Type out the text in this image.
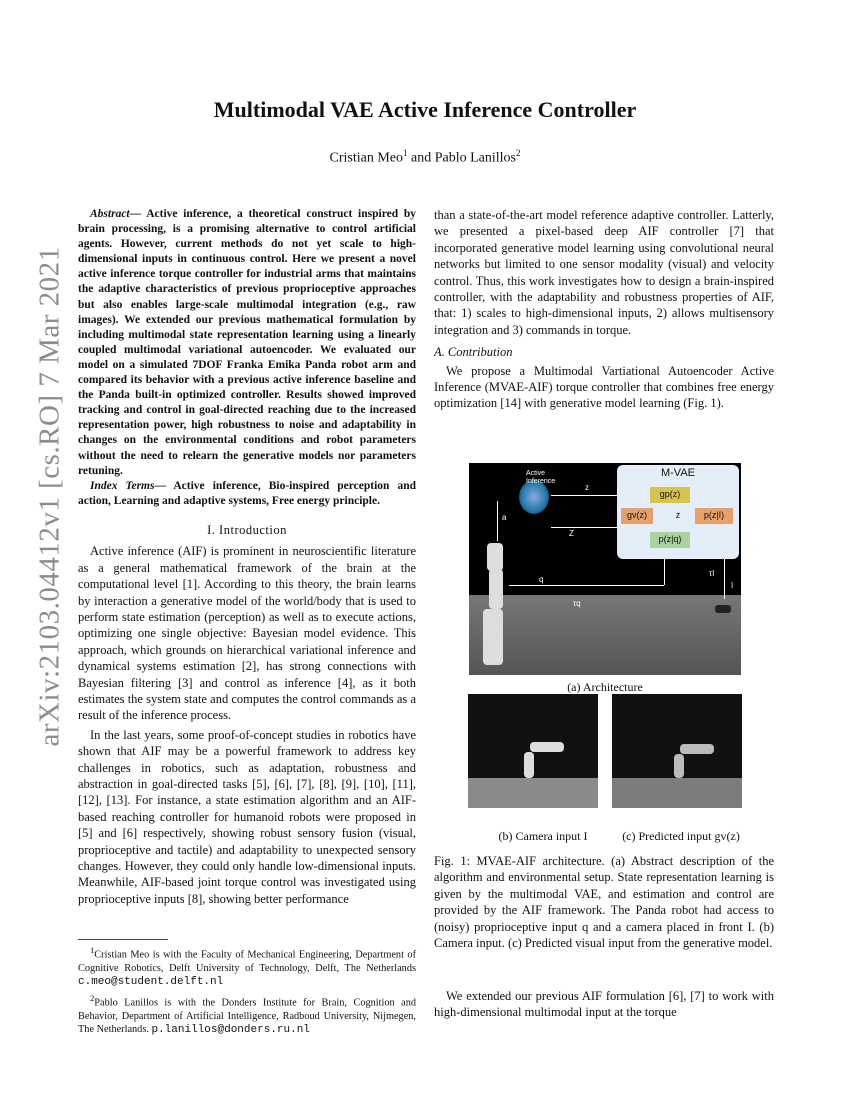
arXiv:2103.04412v1 [cs.RO] 7 Mar 2021
Multimodal VAE Active Inference Controller
Cristian Meo$^1$ and Pablo Lanillos$^2$

Abstract— Active inference, a theoretical construct inspired by brain processing, is a promising alternative to control artificial agents. However, current methods do not yet scale to high-dimensional inputs in continuous control. Here we present a novel active inference torque controller for industrial arms that maintains the adaptive characteristics of previous proprioceptive approaches but also enables large-scale multimodal integration (e.g., raw images). We extended our previous mathematical formulation by including multimodal state representation learning using a linearly coupled multimodal variational autoencoder. We evaluated our model on a simulated 7DOF Franka Emika Panda robot arm and compared its behavior with a previous active inference baseline and the Panda built-in optimized controller. Results showed improved tracking and control in goal-directed reaching due to the increased representation power, high robustness to noise and adaptability in changes on the environmental conditions and robot parameters without the need to relearn the generative models nor parameters retuning.

Index Terms— Active inference, Bio-inspired perception and action, Learning and adaptive systems, Free energy principle.

I. Introduction

Active inference (AIF) is prominent in neuroscientific literature as a general mathematical framework of the brain at the computational level [1]. According to this theory, the brain learns by interaction a generative model of the world/body that is used to perform state estimation (perception) as well as to execute actions, optimizing one single objective: Bayesian model evidence. This approach, which grounds on hierarchical variational inference and dynamical systems estimation [2], has strong connections with Bayesian filtering [3] and control as inference [4], as it both estimates the system state and computes the control commands as a result of the inference process.

In the last years, some proof-of-concept studies in robotics have shown that AIF may be a powerful framework to address key challenges in robotics, such as adaptation, robustness and abstraction in goal-directed tasks [5], [6], [7], [8], [9], [10], [11], [12], [13]. For instance, a state estimation algorithm and an AIF-based reaching controller for humanoid robots were proposed in [5] and [6] respectively, showing robust sensory fusion (visual, proprioceptive and tactile) and adaptability to unexpected sensory changes. However, they could only handle low-dimensional inputs. Meanwhile, AIF-based joint torque control was investigated using proprioceptive inputs [8], showing better performance

$^1$Cristian Meo is with the Faculty of Mechanical Engineering, Department of Cognitive Robotics, Delft University of Technology, Delft, The Netherlands c.meo@student.delft.nl

$^2$Pablo Lanillos is with the Donders Institute for Brain, Cognition and Behavior, Department of Artificial Intelligence, Radboud University, Nijmegen, The Netherlands. p.lanillos@donders.ru.nl

than a state-of-the-art model reference adaptive controller. Latterly, we presented a pixel-based deep AIF controller [7] that incorporated generative model learning using convolutional neural networks but limited to one sensor modality (visual) and velocity control. Thus, this work investigates how to design a brain-inspired controller, with the adaptability and robustness properties of AIF, that: 1) scales to high-dimensional inputs, 2) allows multisensory integration and 3) commands in torque.

A. Contribution

We propose a Multimodal Vartiational Autoencoder Active Inference (MVAE-AIF) torque controller that combines free energy optimization [14] with generative model learning (Fig. 1).

Active Inference
M-VAE
gp(z)
gv(z)	z	p(z|I)
p(z|q)
z
Z
a
q
τq
τI
I
(a) Architecture
(b) Camera input I	(c) Predicted input gv(z)
Fig. 1: MVAE-AIF architecture. (a) Abstract description of the algorithm and environmental setup. State representation learning is given by the multimodal VAE, and estimation and control are provided by the AIF framework. The Panda robot had access to (noisy) proprioceptive input q and a camera placed in front I. (b) Camera input. (c) Predicted visual input from the generative model.

We extended our previous AIF formulation [6], [7] to work with high-dimensional multimodal input at the torque
